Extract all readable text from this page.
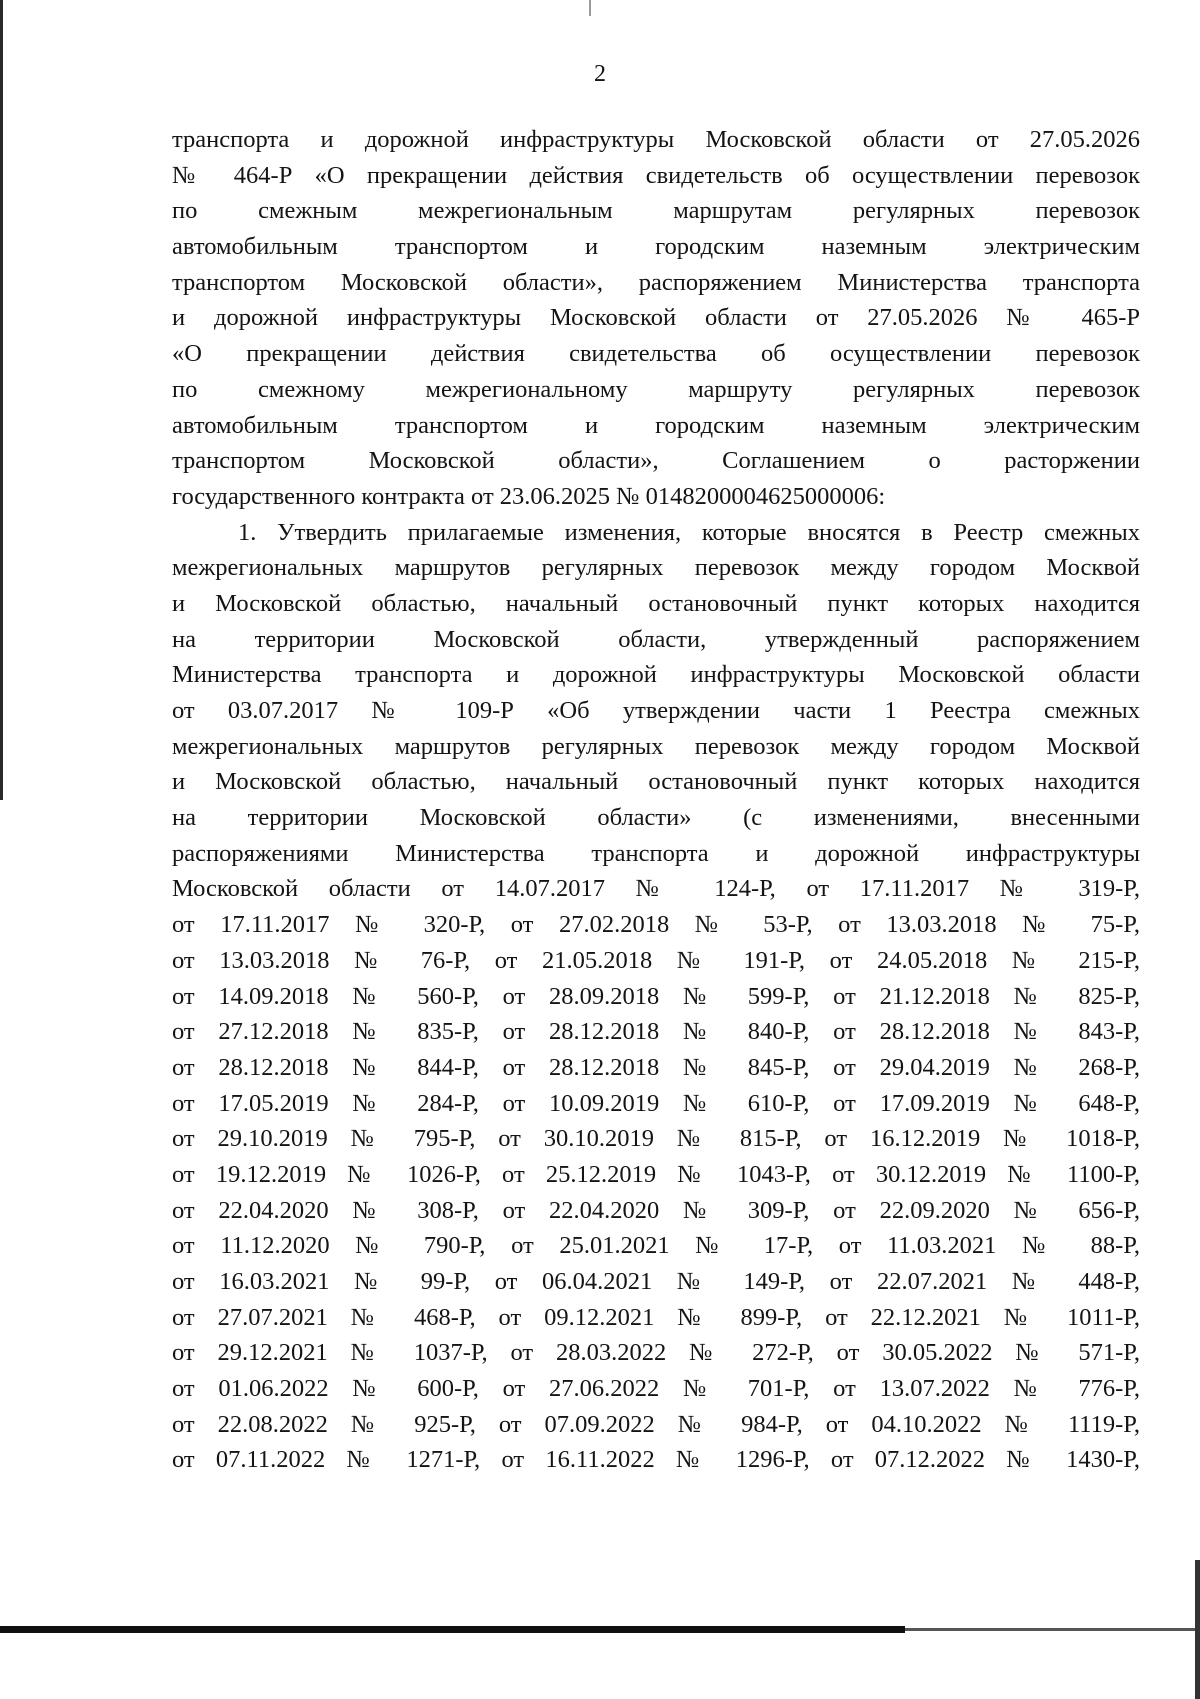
2
транспорта и дорожной инфраструктуры Московской области от 27.05.2026
№ 464-Р «О прекращении действия свидетельств об осуществлении перевозок
по смежным межрегиональным маршрутам регулярных перевозок
автомобильным транспортом и городским наземным электрическим
транспортом Московской области», распоряжением Министерства транспорта
и дорожной инфраструктуры Московской области от 27.05.2026 № 465-Р
«О прекращении действия свидетельства об осуществлении перевозок
по смежному межрегиональному маршруту регулярных перевозок
автомобильным транспортом и городским наземным электрическим
транспортом Московской области», Соглашением о расторжении
государственного контракта от 23.06.2025 № 0148200004625000006:
1. Утвердить прилагаемые изменения, которые вносятся в Реестр смежных
межрегиональных маршрутов регулярных перевозок между городом Москвой
и Московской областью, начальный остановочный пункт которых находится
на территории Московской области, утвержденный распоряжением
Министерства транспорта и дорожной инфраструктуры Московской области
от 03.07.2017 № 109-Р «Об утверждении части 1 Реестра смежных
межрегиональных маршрутов регулярных перевозок между городом Москвой
и Московской областью, начальный остановочный пункт которых находится
на территории Московской области» (с изменениями, внесенными
распоряжениями Министерства транспорта и дорожной инфраструктуры
Московской области от 14.07.2017 № 124-Р, от 17.11.2017 № 319-Р,
от 17.11.2017 № 320-Р, от 27.02.2018 № 53-Р, от 13.03.2018 № 75-Р,
от 13.03.2018 № 76-Р, от 21.05.2018 № 191-Р, от 24.05.2018 № 215-Р,
от 14.09.2018 № 560-Р, от 28.09.2018 № 599-Р, от 21.12.2018 № 825-Р,
от 27.12.2018 № 835-Р, от 28.12.2018 № 840-Р, от 28.12.2018 № 843-Р,
от 28.12.2018 № 844-Р, от 28.12.2018 № 845-Р, от 29.04.2019 № 268-Р,
от 17.05.2019 № 284-Р, от 10.09.2019 № 610-Р, от 17.09.2019 № 648-Р,
от 29.10.2019 № 795-Р, от 30.10.2019 № 815-Р, от 16.12.2019 № 1018-Р,
от 19.12.2019 № 1026-Р, от 25.12.2019 № 1043-Р, от 30.12.2019 № 1100-Р,
от 22.04.2020 № 308-Р, от 22.04.2020 № 309-Р, от 22.09.2020 № 656-Р,
от 11.12.2020 № 790-Р, от 25.01.2021 № 17-Р, от 11.03.2021 № 88-Р,
от 16.03.2021 № 99-Р, от 06.04.2021 № 149-Р, от 22.07.2021 № 448-Р,
от 27.07.2021 № 468-Р, от 09.12.2021 № 899-Р, от 22.12.2021 № 1011-Р,
от 29.12.2021 № 1037-Р, от 28.03.2022 № 272-Р, от 30.05.2022 № 571-Р,
от 01.06.2022 № 600-Р, от 27.06.2022 № 701-Р, от 13.07.2022 № 776-Р,
от 22.08.2022 № 925-Р, от 07.09.2022 № 984-Р, от 04.10.2022 № 1119-Р,
от 07.11.2022 № 1271-Р, от 16.11.2022 № 1296-Р, от 07.12.2022 № 1430-Р,
